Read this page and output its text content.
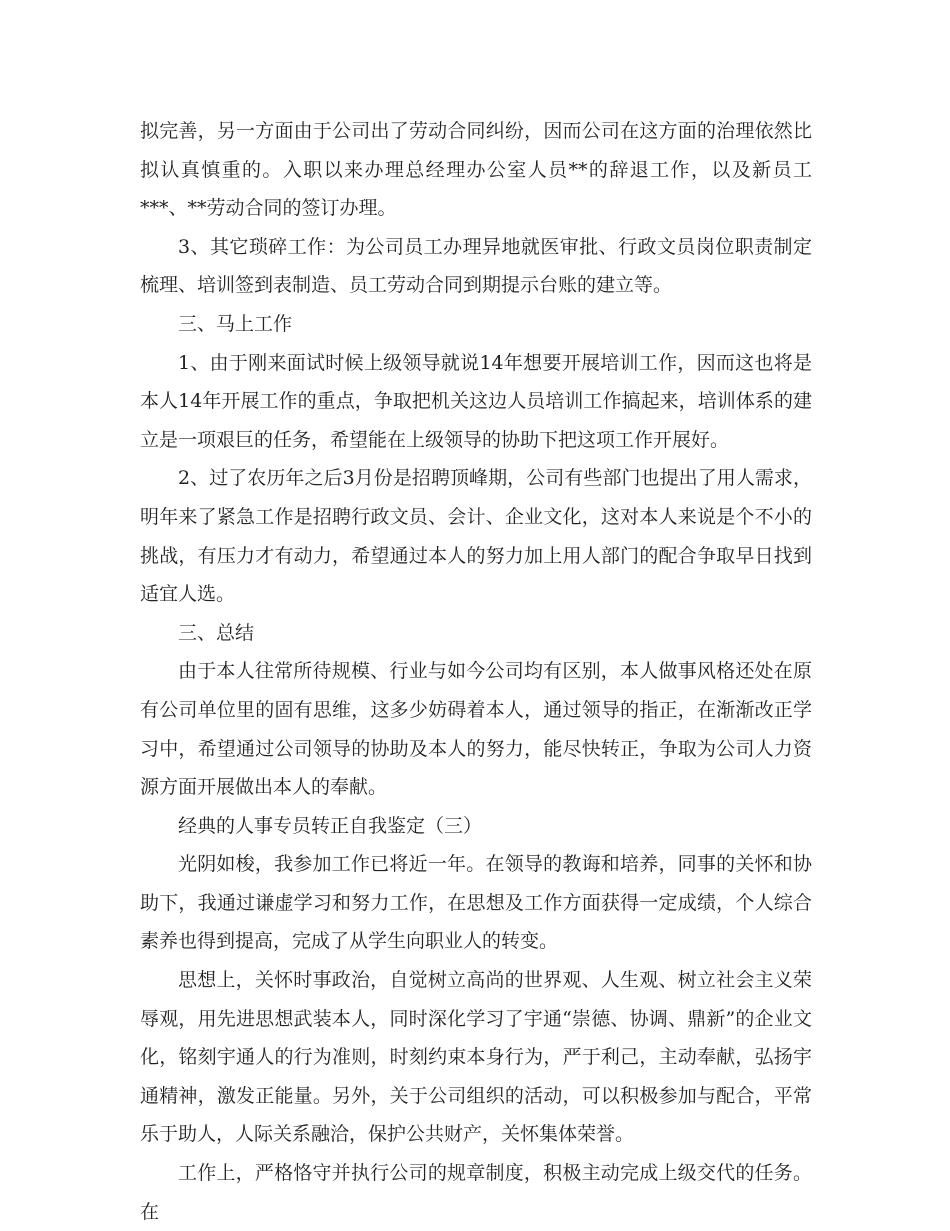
拟完善，另一方面由于公司出了劳动合同纠纷，因而公司在这方面的治理依然比拟认真慎重的。入职以来办理总经理办公室人员**的辞退工作，以及新员工***、**劳动合同的签订办理。

3、其它琐碎工作：为公司员工办理异地就医审批、行政文员岗位职责制定梳理、培训签到表制造、员工劳动合同到期提示台账的建立等。

三、马上工作

1、由于刚来面试时候上级领导就说14年想要开展培训工作，因而这也将是本人14年开展工作的重点，争取把机关这边人员培训工作搞起来，培训体系的建立是一项艰巨的任务，希望能在上级领导的协助下把这项工作开展好。

2、过了农历年之后3月份是招聘顶峰期，公司有些部门也提出了用人需求，明年来了紧急工作是招聘行政文员、会计、企业文化，这对本人来说是个不小的挑战，有压力才有动力，希望通过本人的努力加上用人部门的配合争取早日找到适宜人选。

三、总结

由于本人往常所待规模、行业与如今公司均有区别，本人做事风格还处在原有公司单位里的固有思维，这多少妨碍着本人，通过领导的指正，在渐渐改正学习中，希望通过公司领导的协助及本人的努力，能尽快转正，争取为公司人力资源方面开展做出本人的奉献。

经典的人事专员转正自我鉴定（三）

光阴如梭，我参加工作已将近一年。在领导的教诲和培养，同事的关怀和协助下，我通过谦虚学习和努力工作，在思想及工作方面获得一定成绩，个人综合素养也得到提高，完成了从学生向职业人的转变。

思想上，关怀时事政治，自觉树立高尚的世界观、人生观、树立社会主义荣辱观，用先进思想武装本人，同时深化学习了宇通“崇德、协调、鼎新”的企业文化，铭刻宇通人的行为准则，时刻约束本身行为，严于利己，主动奉献，弘扬宇通精神，激发正能量。另外，关于公司组织的活动，可以积极参加与配合，平常乐于助人，人际关系融洽，保护公共财产，关怀集体荣誉。

工作上，严格恪守并执行公司的规章制度，积极主动完成上级交代的任务。在
